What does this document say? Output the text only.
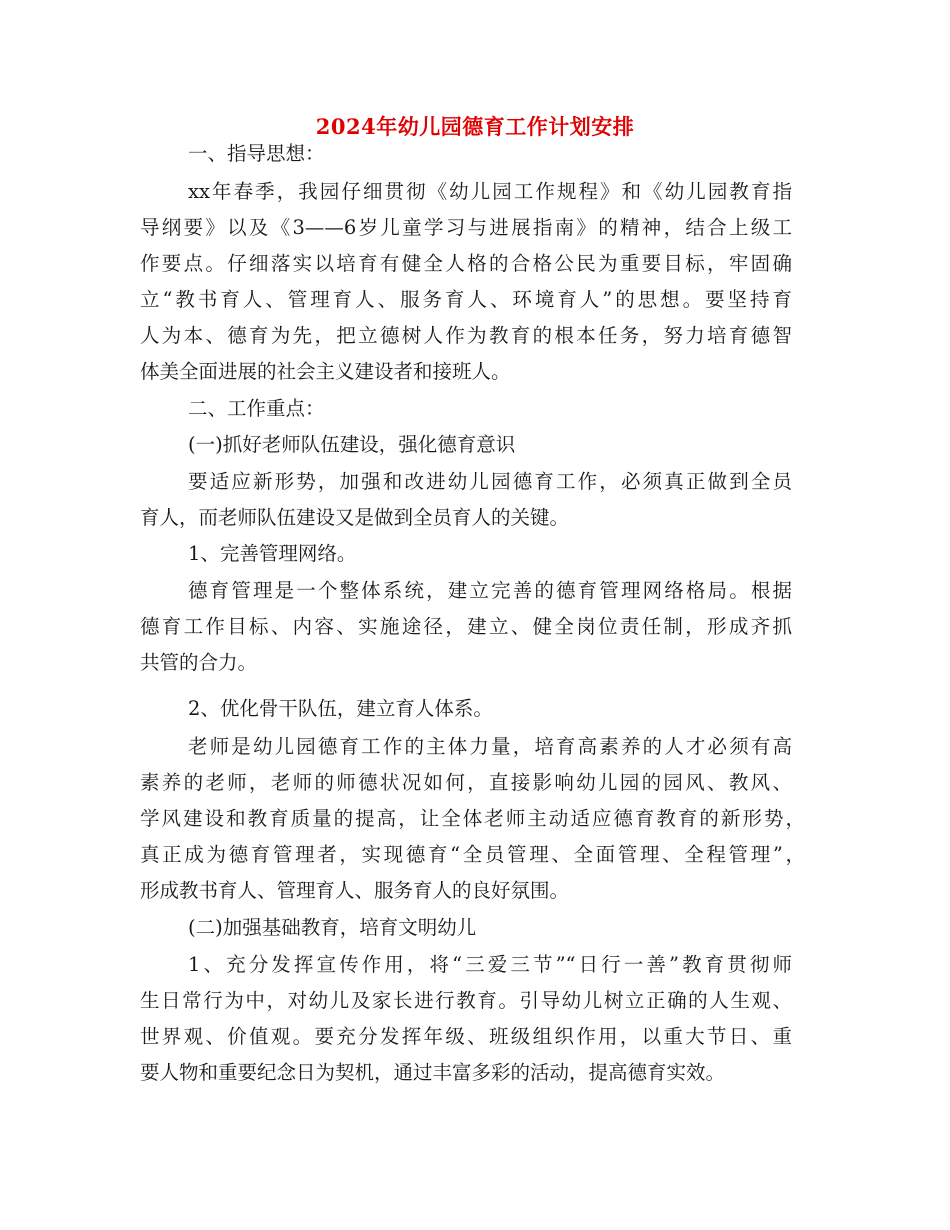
2024年幼儿园德育工作计划安排
一、指导思想：
xx年春季，我园仔细贯彻《幼儿园工作规程》和《幼儿园教育指
导纲要》以及《3——6岁儿童学习与进展指南》的精神，结合上级工
作要点。仔细落实以培育有健全人格的合格公民为重要目标，牢固确
立“教书育人、管理育人、服务育人、环境育人”的思想。要坚持育
人为本、德育为先，把立德树人作为教育的根本任务，努力培育德智
体美全面进展的社会主义建设者和接班人。
二、工作重点：
(一)抓好老师队伍建设，强化德育意识
要适应新形势，加强和改进幼儿园德育工作，必须真正做到全员
育人，而老师队伍建设又是做到全员育人的关键。
1、完善管理网络。
德育管理是一个整体系统，建立完善的德育管理网络格局。根据
德育工作目标、内容、实施途径，建立、健全岗位责任制，形成齐抓
共管的合力。
2、优化骨干队伍，建立育人体系。
老师是幼儿园德育工作的主体力量，培育高素养的人才必须有高
素养的老师，老师的师德状况如何，直接影响幼儿园的园风、教风、
学风建设和教育质量的提高，让全体老师主动适应德育教育的新形势，
真正成为德育管理者，实现德育“全员管理、全面管理、全程管理”，
形成教书育人、管理育人、服务育人的良好氛围。
(二)加强基础教育，培育文明幼儿
1、充分发挥宣传作用，将“三爱三节”“日行一善”教育贯彻师
生日常行为中，对幼儿及家长进行教育。引导幼儿树立正确的人生观、
世界观、价值观。要充分发挥年级、班级组织作用，以重大节日、重
要人物和重要纪念日为契机，通过丰富多彩的活动，提高德育实效。
